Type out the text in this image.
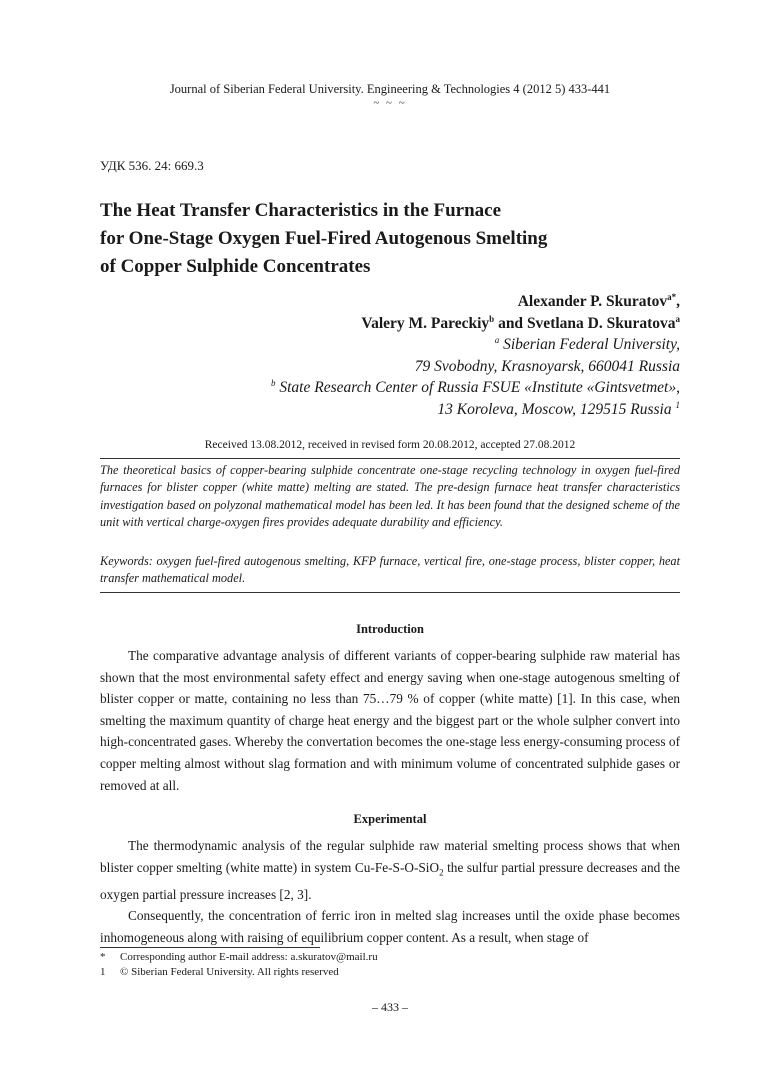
Journal of Siberian Federal University. Engineering & Technologies 4 (2012 5) 433-441
~ ~ ~
УДК 536. 24: 669.3
The Heat Transfer Characteristics in the Furnace
for One-Stage Oxygen Fuel-Fired Autogenous Smelting
of Copper Sulphide Concentrates
Alexander P. Skuratov$^{a*}$,
Valery M. Pareckiy$^b$ and Svetlana D. Skuratova$^a$
$^a$ Siberian Federal University,
79 Svobodny, Krasnoyarsk, 660041 Russia
$^b$ State Research Center of Russia FSUE «Institute «Gintsvetmet»,
13 Koroleva, Moscow, 129515 Russia $^1$
Received 13.08.2012, received in revised form 20.08.2012, accepted 27.08.2012
The theoretical basics of copper-bearing sulphide concentrate one-stage recycling technology in oxygen fuel-fired furnaces for blister copper (white matte) melting are stated. The pre-design furnace heat transfer characteristics investigation based on polyzonal mathematical model has been led. It has been found that the designed scheme of the unit with vertical charge-oxygen fires provides adequate durability and efficiency.
Keywords: oxygen fuel-fired autogenous smelting, KFP furnace, vertical fire, one-stage process, blister copper, heat transfer mathematical model.
Introduction

The comparative advantage analysis of different variants of copper-bearing sulphide raw material has shown that the most environmental safety effect and energy saving when one-stage autogenous smelting of blister copper or matte, containing no less than 75…79 % of copper (white matte) [1]. In this case, when smelting the maximum quantity of charge heat energy and the biggest part or the whole sulpher convert into high-concentrated gases. Whereby the convertation becomes the one-stage less energy-consuming process of copper melting almost without slag formation and with minimum volume of concentrated sulphide gases or removed at all.

Experimental

The thermodynamic analysis of the regular sulphide raw material smelting process shows that when blister copper smelting (white matte) in system Cu-Fe-S-O-SiO$_2$ the sulfur partial pressure decreases and the oxygen partial pressure increases [2, 3].

Consequently, the concentration of ferric iron in melted slag increases until the oxide phase becomes inhomogeneous along with raising of equilibrium copper content. As a result, when stage of

* Corresponding author E-mail address: a.skuratov@mail.ru
1 © Siberian Federal University. All rights reserved
– 433 –
